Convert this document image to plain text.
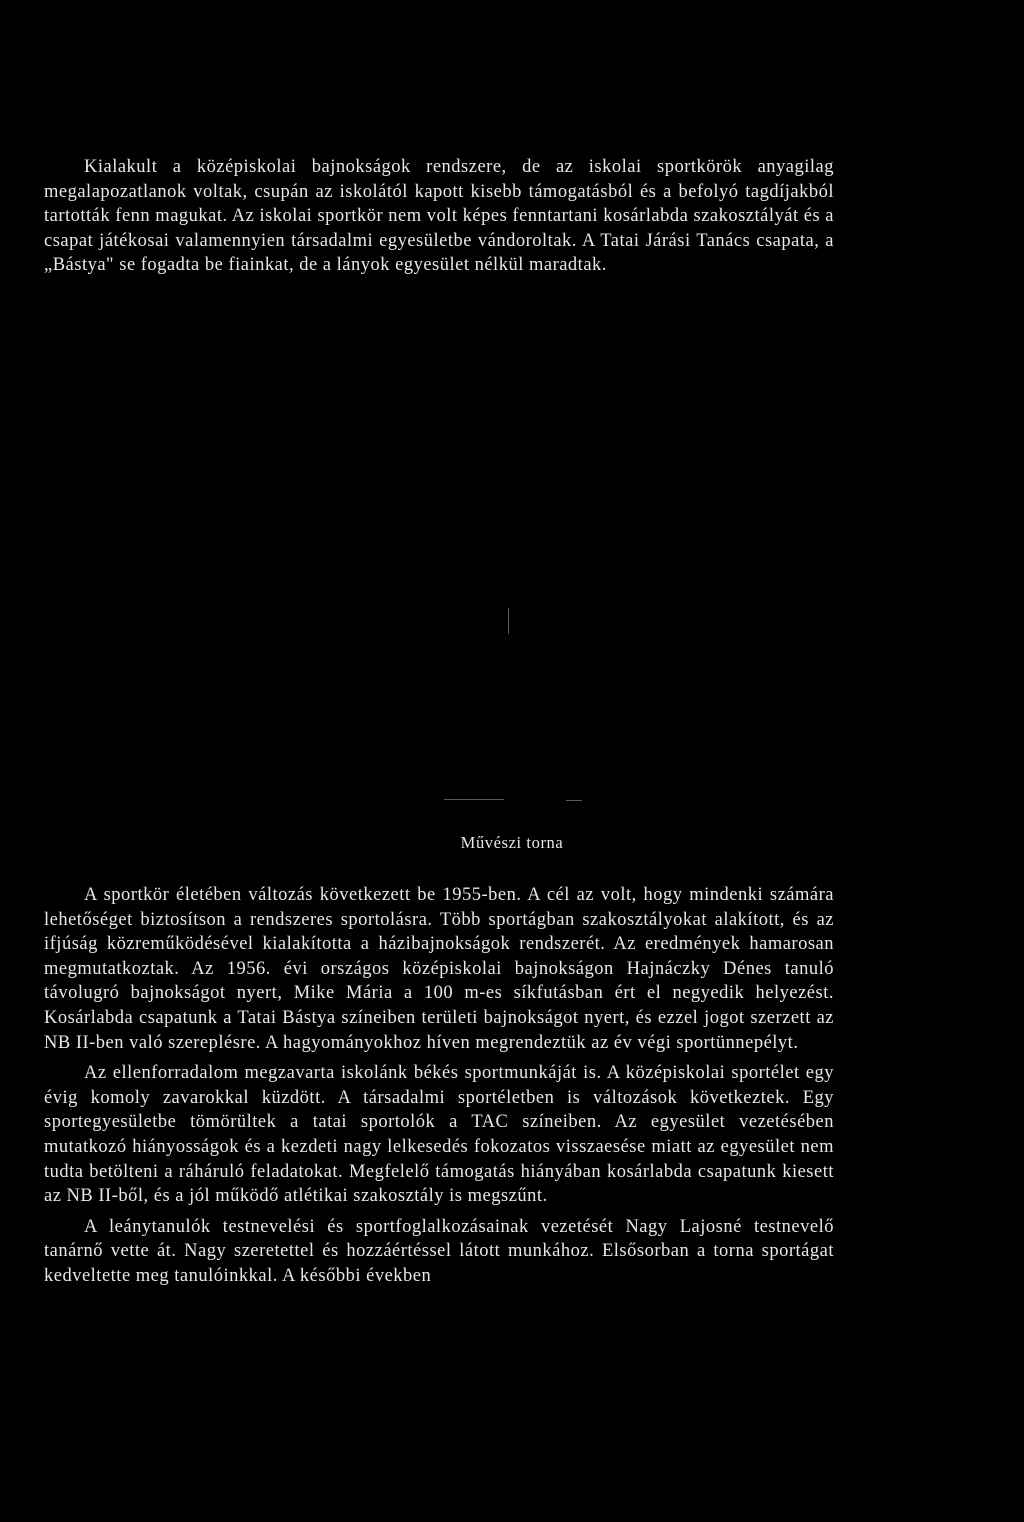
Kialakult a középiskolai bajnokságok rendszere, de az iskolai sportkörök anyagilag megalapozatlanok voltak, csupán az iskolától kapott kisebb támogatásból és a befolyó tagdíjakból tartották fenn magukat. Az iskolai sportkör nem volt képes fenntartani kosárlabda szakosztályát és a csapat játékosai valamennyien társadalmi egyesületbe vándoroltak. A Tatai Járási Tanács csapata, a „Bástya" se fogadta be fiainkat, de a lányok egyesület nélkül maradtak.

Művészi torna

A sportkör életében változás következett be 1955-ben. A cél az volt, hogy mindenki számára lehetőséget biztosítson a rendszeres sportolásra. Több sportágban szakosztályokat alakított, és az ifjúság közreműködésével kialakította a házibajnokságok rendszerét. Az eredmények hamarosan megmutatkoztak. Az 1956. évi országos középiskolai bajnokságon Hajnáczky Dénes tanuló távolugró bajnokságot nyert, Mike Mária a 100 m-es síkfutásban ért el negyedik helyezést. Kosárlabda csapatunk a Tatai Bástya színeiben területi bajnokságot nyert, és ezzel jogot szerzett az NB II-ben való szereplésre. A hagyományokhoz híven megrendeztük az év végi sportünnepélyt.

Az ellenforradalom megzavarta iskolánk békés sportmunkáját is. A középiskolai sportélet egy évig komoly zavarokkal küzdött. A társadalmi sportéletben is változások következtek. Egy sportegyesületbe tömörültek a tatai sportolók a TAC színeiben. Az egyesület vezetésében mutatkozó hiányosságok és a kezdeti nagy lelkesedés fokozatos visszaesése miatt az egyesület nem tudta betölteni a ráháruló feladatokat. Megfelelő támogatás hiányában kosárlabda csapatunk kiesett az NB II-ből, és a jól működő atlétikai szakosztály is megszűnt.

A leánytanulók testnevelési és sportfoglalkozásainak vezetését Nagy Lajosné testnevelő tanárnő vette át. Nagy szeretettel és hozzáértéssel látott munkához. Elsősorban a torna sportágat kedveltette meg tanulóinkkal. A későbbi években
